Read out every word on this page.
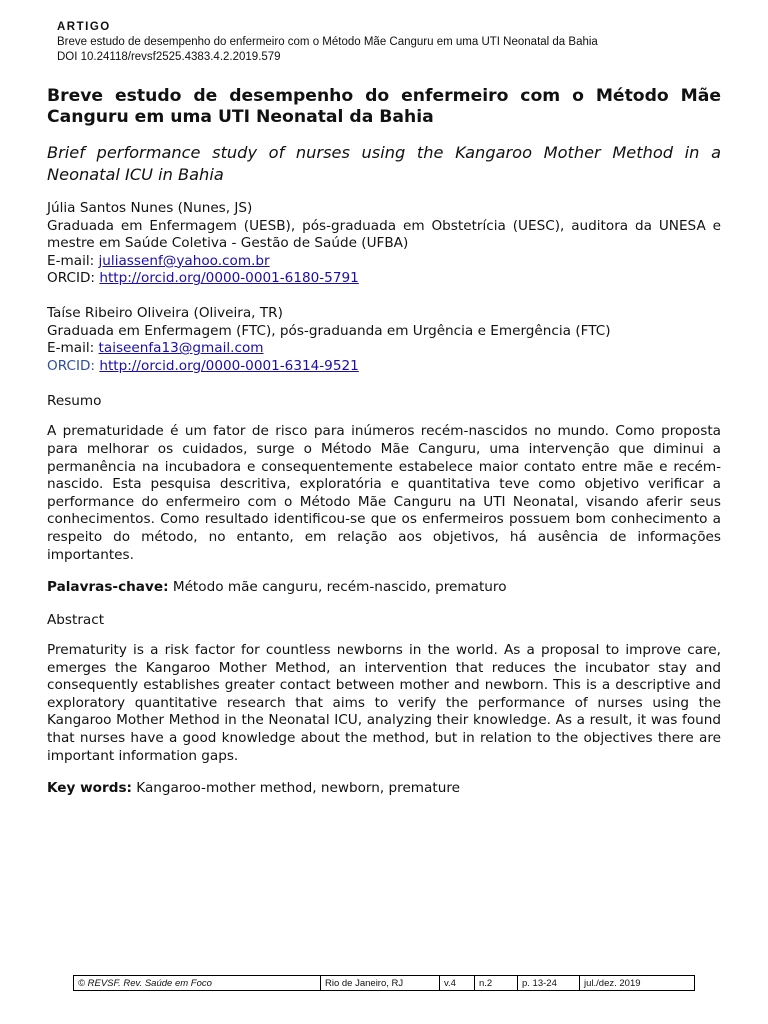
ARTIGO
Breve estudo de desempenho do enfermeiro com o Método Mãe Canguru em uma UTI Neonatal da Bahia
DOI 10.24118/revsf2525.4383.4.2.2019.579
Breve estudo de desempenho do enfermeiro com o Método Mãe Canguru em uma UTI Neonatal da Bahia
Brief performance study of nurses using the Kangaroo Mother Method in a Neonatal ICU in Bahia
Júlia Santos Nunes (Nunes, JS)
Graduada em Enfermagem (UESB), pós-graduada em Obstetrícia (UESC), auditora da UNESA e mestre em Saúde Coletiva - Gestão de Saúde (UFBA)
E-mail: juliassenf@yahoo.com.br
ORCID: http://orcid.org/0000-0001-6180-5791
Taíse Ribeiro Oliveira (Oliveira, TR)
Graduada em Enfermagem (FTC), pós-graduanda em Urgência e Emergência (FTC)
E-mail: taiseenfa13@gmail.com
ORCID: http://orcid.org/0000-0001-6314-9521
Resumo
A prematuridade é um fator de risco para inúmeros recém-nascidos no mundo. Como proposta para melhorar os cuidados, surge o Método Mãe Canguru, uma intervenção que diminui a permanência na incubadora e consequentemente estabelece maior contato entre mãe e recém-nascido. Esta pesquisa descritiva, exploratória e quantitativa teve como objetivo verificar a performance do enfermeiro com o Método Mãe Canguru na UTI Neonatal, visando aferir seus conhecimentos. Como resultado identificou-se que os enfermeiros possuem bom conhecimento a respeito do método, no entanto, em relação aos objetivos, há ausência de informações importantes.
Palavras-chave: Método mãe canguru, recém-nascido, prematuro
Abstract
Prematurity is a risk factor for countless newborns in the world. As a proposal to improve care, emerges the Kangaroo Mother Method, an intervention that reduces the incubator stay and consequently establishes greater contact between mother and newborn. This is a descriptive and exploratory quantitative research that aims to verify the performance of nurses using the Kangaroo Mother Method in the Neonatal ICU, analyzing their knowledge. As a result, it was found that nurses have a good knowledge about the method, but in relation to the objectives there are important information gaps.
Key words: Kangaroo-mother method, newborn, premature
© REVSF. Rev. Saúde em Foco	Rio de Janeiro, RJ	v.4	n.2	p. 13-24	jul./dez. 2019
